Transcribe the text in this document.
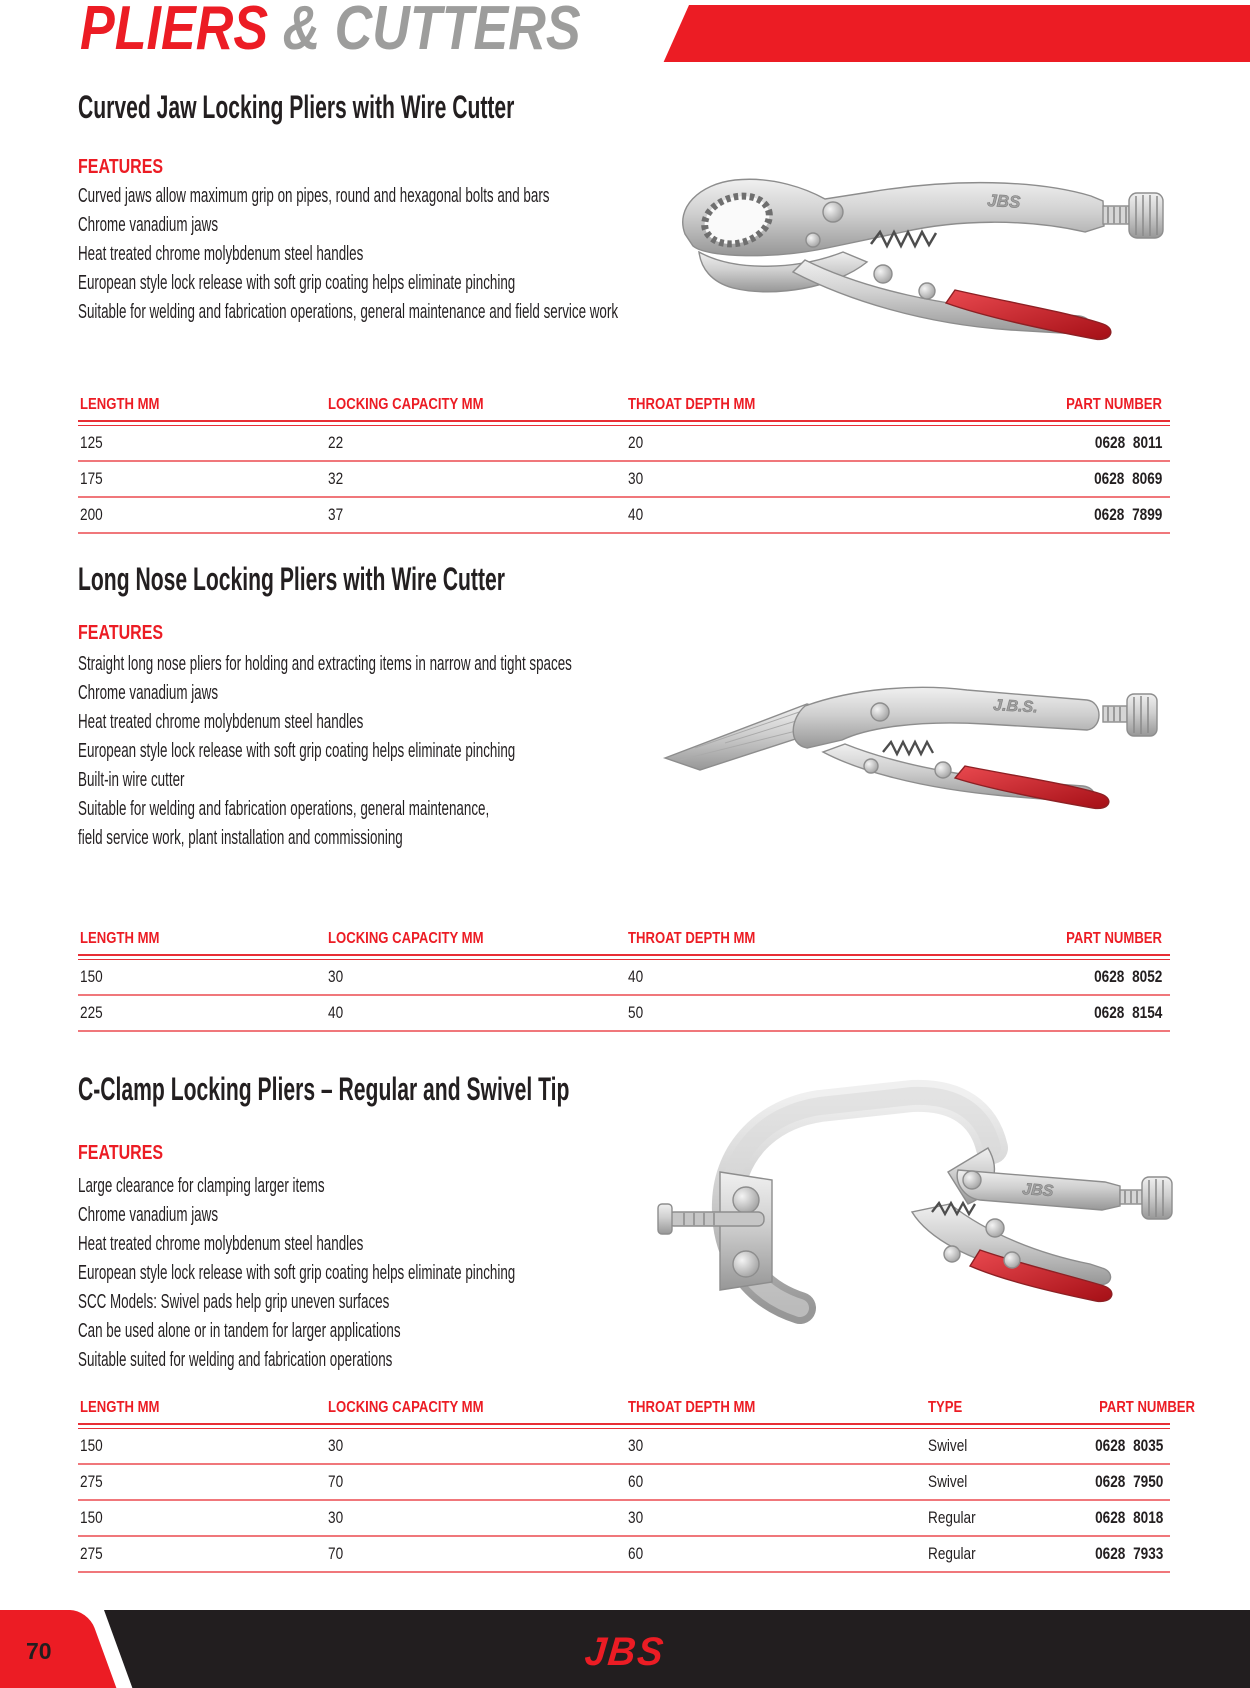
PLIERS & CUTTERS
Curved Jaw Locking Pliers with Wire Cutter
FEATURES
Curved jaws allow maximum grip on pipes, round and hexagonal bolts and bars
Chrome vanadium jaws
Heat treated chrome molybdenum steel handles
European style lock release with soft grip coating helps eliminate pinching
Suitable for welding and fabrication operations, general maintenance and field service work
JBS
LENGTH MM	LOCKING CAPACITY MM	THROAT DEPTH MM	PART NUMBER
125	22	20	0628 8011
175	32	30	0628 8069
200	37	40	0628 7899
Long Nose Locking Pliers with Wire Cutter
FEATURES
Straight long nose pliers for holding and extracting items in narrow and tight spaces
Chrome vanadium jaws
Heat treated chrome molybdenum steel handles
European style lock release with soft grip coating helps eliminate pinching
Built-in wire cutter
Suitable for welding and fabrication operations, general maintenance,
field service work, plant installation and commissioning
J.B.S.
LENGTH MM	LOCKING CAPACITY MM	THROAT DEPTH MM	PART NUMBER
150	30	40	0628 8052
225	40	50	0628 8154
C-Clamp Locking Pliers – Regular and Swivel Tip
FEATURES
Large clearance for clamping larger items
Chrome vanadium jaws
Heat treated chrome molybdenum steel handles
European style lock release with soft grip coating helps eliminate pinching
SCC Models: Swivel pads help grip uneven surfaces
Can be used alone or in tandem for larger applications
Suitable suited for welding and fabrication operations
JBS
LENGTH MM	LOCKING CAPACITY MM	THROAT DEPTH MM	TYPE	PART NUMBER
150	30	30	Swivel	0628 8035
275	70	60	Swivel	0628 7950
150	30	30	Regular	0628 8018
275	70	60	Regular	0628 7933
70	JBS
